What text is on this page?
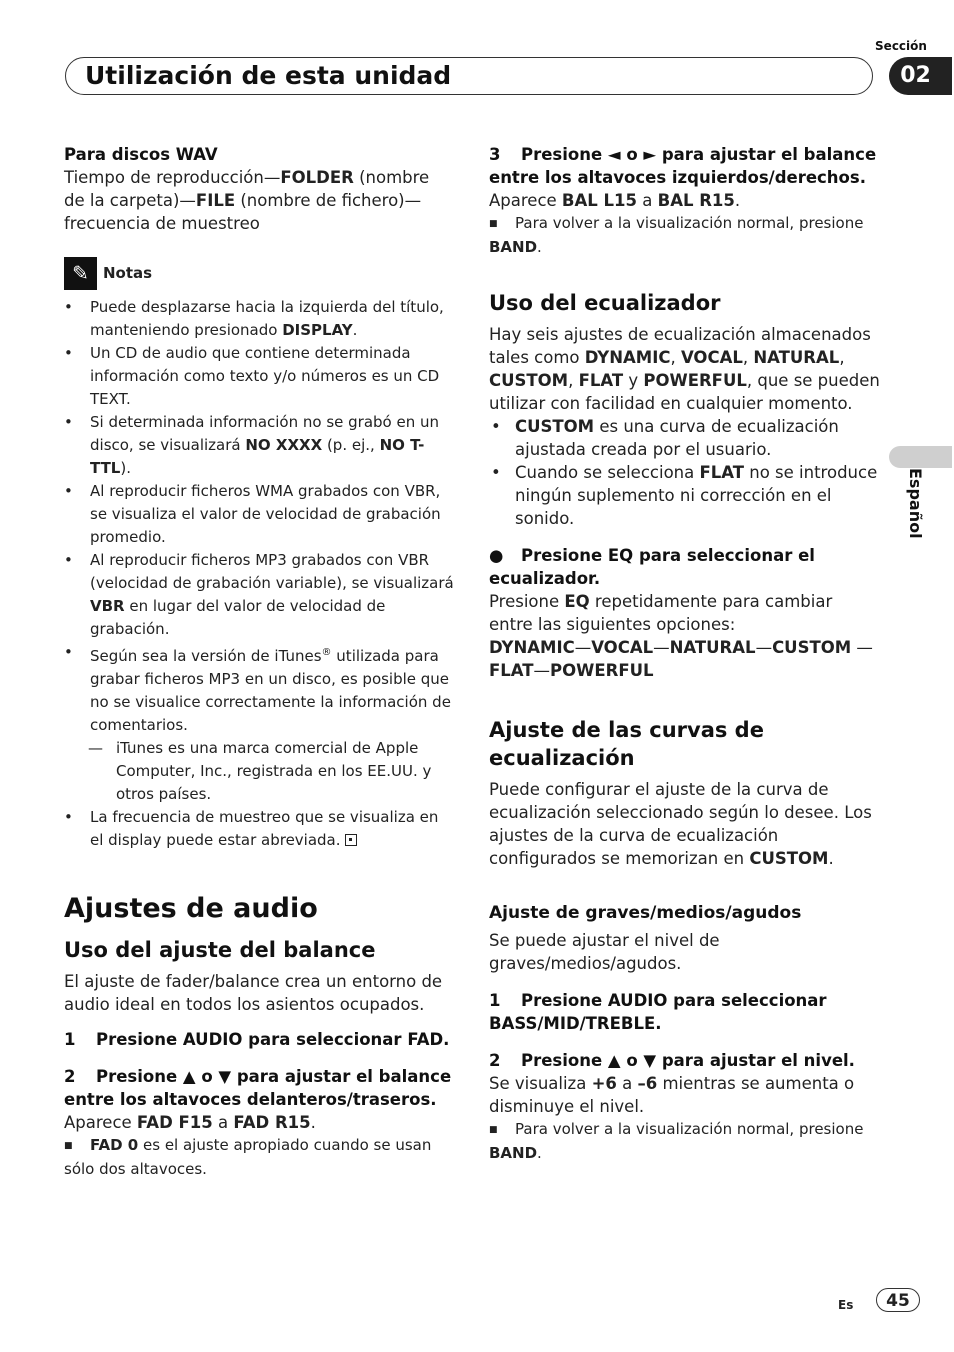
Sección
Utilización de esta unidad	02
Español

Para discos WAV

Tiempo de reproducción—FOLDER (nombre de la carpeta)—FILE (nombre de fichero)—frecuencia de muestreo

✎ Notas
• Puede desplazarse hacia la izquierda del título, manteniendo presionado DISPLAY.
• Un CD de audio que contiene determinada información como texto y/o números es un CD TEXT.
• Si determinada información no se grabó en un disco, se visualizará NO XXXX (p. ej., NO T-TTL).
• Al reproducir ficheros WMA grabados con VBR, se visualiza el valor de velocidad de grabación promedio.
• Al reproducir ficheros MP3 grabados con VBR (velocidad de grabación variable), se visualizará VBR en lugar del valor de velocidad de grabación.
• Según sea la versión de iTunes® utilizada para grabar ficheros MP3 en un disco, es posible que no se visualice correctamente la información de comentarios.
— iTunes es una marca comercial de Apple Computer, Inc., registrada en los EE.UU. y otros países.
• La frecuencia de muestreo que se visualiza en el display puede estar abreviada.
Ajustes de audio
Uso del ajuste del balance

El ajuste de fader/balance crea un entorno de audio ideal en todos los asientos ocupados.

1 Presione AUDIO para seleccionar FAD.

2 Presione ▲ o ▼ para ajustar el balance entre los altavoces delanteros/traseros.

Aparece FAD F15 a FAD R15.

■ FAD 0 es el ajuste apropiado cuando se usan sólo dos altavoces.

3 Presione ◄ o ► para ajustar el balance entre los altavoces izquierdos/derechos.

Aparece BAL L15 a BAL R15.

■ Para volver a la visualización normal, presione BAND.

Uso del ecualizador

Hay seis ajustes de ecualización almacenados tales como DYNAMIC, VOCAL, NATURAL, CUSTOM, FLAT y POWERFUL, que se pueden utilizar con facilidad en cualquier momento.

• CUSTOM es una curva de ecualización ajustada creada por el usuario.
• Cuando se selecciona FLAT no se introduce ningún suplemento ni corrección en el sonido.

● Presione EQ para seleccionar el ecualizador.

Presione EQ repetidamente para cambiar entre las siguientes opciones:

DYNAMIC—VOCAL—NATURAL—CUSTOM —FLAT—POWERFUL

Ajuste de las curvas de ecualización

Puede configurar el ajuste de la curva de ecualización seleccionado según lo desee. Los ajustes de la curva de ecualización configurados se memorizan en CUSTOM.

Ajuste de graves/medios/agudos

Se puede ajustar el nivel de graves/medios/agudos.

1 Presione AUDIO para seleccionar BASS/MID/TREBLE.

2 Presione ▲ o ▼ para ajustar el nivel.

Se visualiza +6 a –6 mientras se aumenta o disminuye el nivel.

■ Para volver a la visualización normal, presione BAND.

Es	45
